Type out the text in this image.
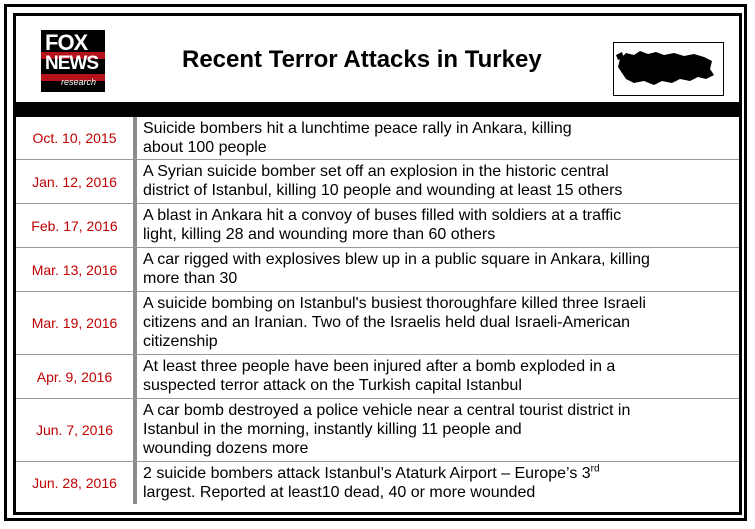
FOX
NEWS
research
Recent Terror Attacks in Turkey
Oct. 10, 2015
Suicide bombers hit a lunchtime peace rally in Ankara, killing
about 100 people
Jan. 12, 2016
A Syrian suicide bomber set off an explosion in the historic central
district of Istanbul, killing 10 people and wounding at least 15 others
Feb. 17, 2016
A blast in Ankara hit a convoy of buses filled with soldiers at a traffic
light, killing 28 and wounding more than 60 others
Mar. 13, 2016
A car rigged with explosives blew up in a public square in Ankara, killing
more than 30
Mar. 19, 2016
A suicide bombing on Istanbul's busiest thoroughfare killed three Israeli
citizens and an Iranian. Two of the Israelis held dual Israeli-American
citizenship
Apr. 9, 2016
At least three people have been injured after a bomb exploded in a
suspected terror attack on the Turkish capital Istanbul
Jun. 7, 2016
A car bomb destroyed a police vehicle near a central tourist district in
Istanbul in the morning, instantly killing 11 people and
wounding dozens more
Jun. 28, 2016
2 suicide bombers attack Istanbul’s Ataturk Airport – Europe’s 3rd
largest. Reported at least10 dead, 40 or more wounded
